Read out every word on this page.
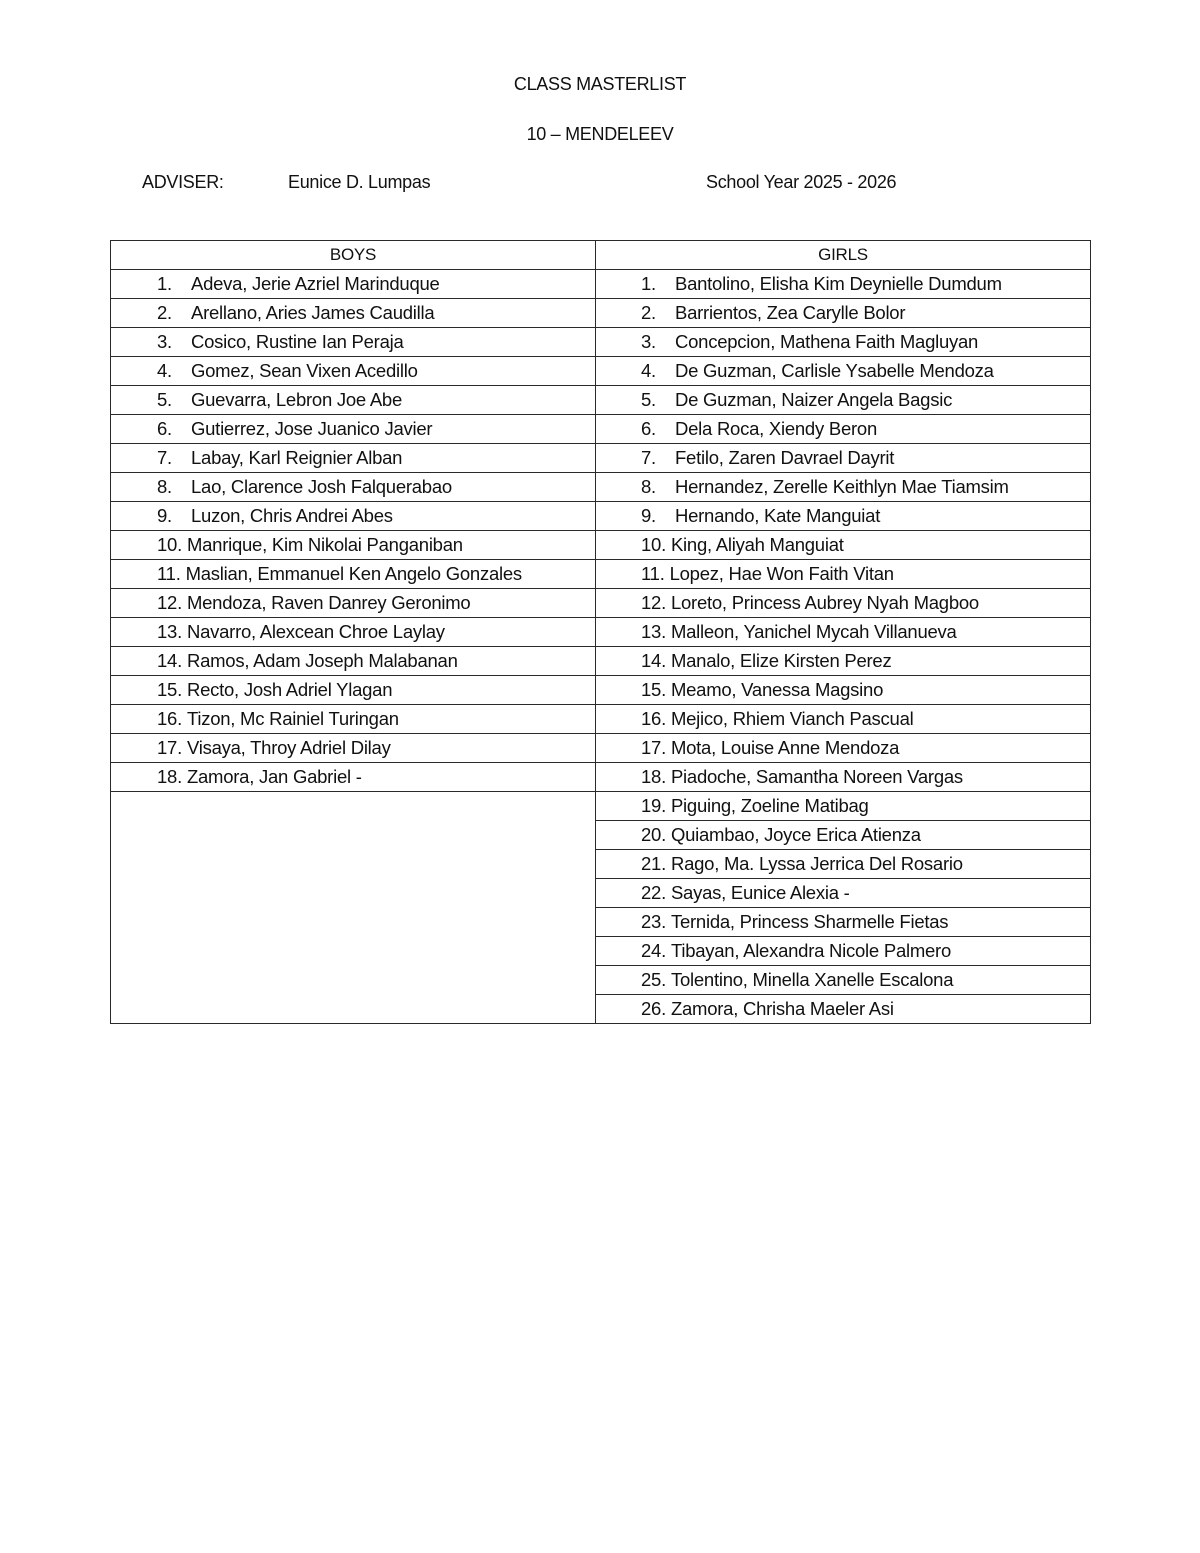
CLASS MASTERLIST
10 – MENDELEEV
ADVISER:	Eunice D. Lumpas	School Year 2025 - 2026
BOYS	GIRLS

1. Adeva, Jerie Azriel Marinduque	1. Bantolino, Elisha Kim Deynielle Dumdum

2. Arellano, Aries James Caudilla	2. Barrientos, Zea Carylle Bolor

3. Cosico, Rustine Ian Peraja	3. Concepcion, Mathena Faith Magluyan

4. Gomez, Sean Vixen Acedillo	4. De Guzman, Carlisle Ysabelle Mendoza

5. Guevarra, Lebron Joe Abe	5. De Guzman, Naizer Angela Bagsic

6. Gutierrez, Jose Juanico Javier	6. Dela Roca, Xiendy Beron

7. Labay, Karl Reignier Alban	7. Fetilo, Zaren Davrael Dayrit

8. Lao, Clarence Josh Falquerabao	8. Hernandez, Zerelle Keithlyn Mae Tiamsim

9. Luzon, Chris Andrei Abes	9. Hernando, Kate Manguiat

10. Manrique, Kim Nikolai Panganiban	10. King, Aliyah Manguiat

11. Maslian, Emmanuel Ken Angelo Gonzales	11. Lopez, Hae Won Faith Vitan

12. Mendoza, Raven Danrey Geronimo	12. Loreto, Princess Aubrey Nyah Magboo

13. Navarro, Alexcean Chroe Laylay	13. Malleon, Yanichel Mycah Villanueva

14. Ramos, Adam Joseph Malabanan	14. Manalo, Elize Kirsten Perez

15. Recto, Josh Adriel Ylagan	15. Meamo, Vanessa Magsino

16. Tizon, Mc Rainiel Turingan	16. Mejico, Rhiem Vianch Pascual

17. Visaya, Throy Adriel Dilay	17. Mota, Louise Anne Mendoza

18. Zamora, Jan Gabriel -	18. Piadoche, Samantha Noreen Vargas

	19. Piguing, Zoeline Matibag

	20. Quiambao, Joyce Erica Atienza

	21. Rago, Ma. Lyssa Jerrica Del Rosario

	22. Sayas, Eunice Alexia -

	23. Ternida, Princess Sharmelle Fietas

	24. Tibayan, Alexandra Nicole Palmero

	25. Tolentino, Minella Xanelle Escalona

	26. Zamora, Chrisha Maeler Asi
